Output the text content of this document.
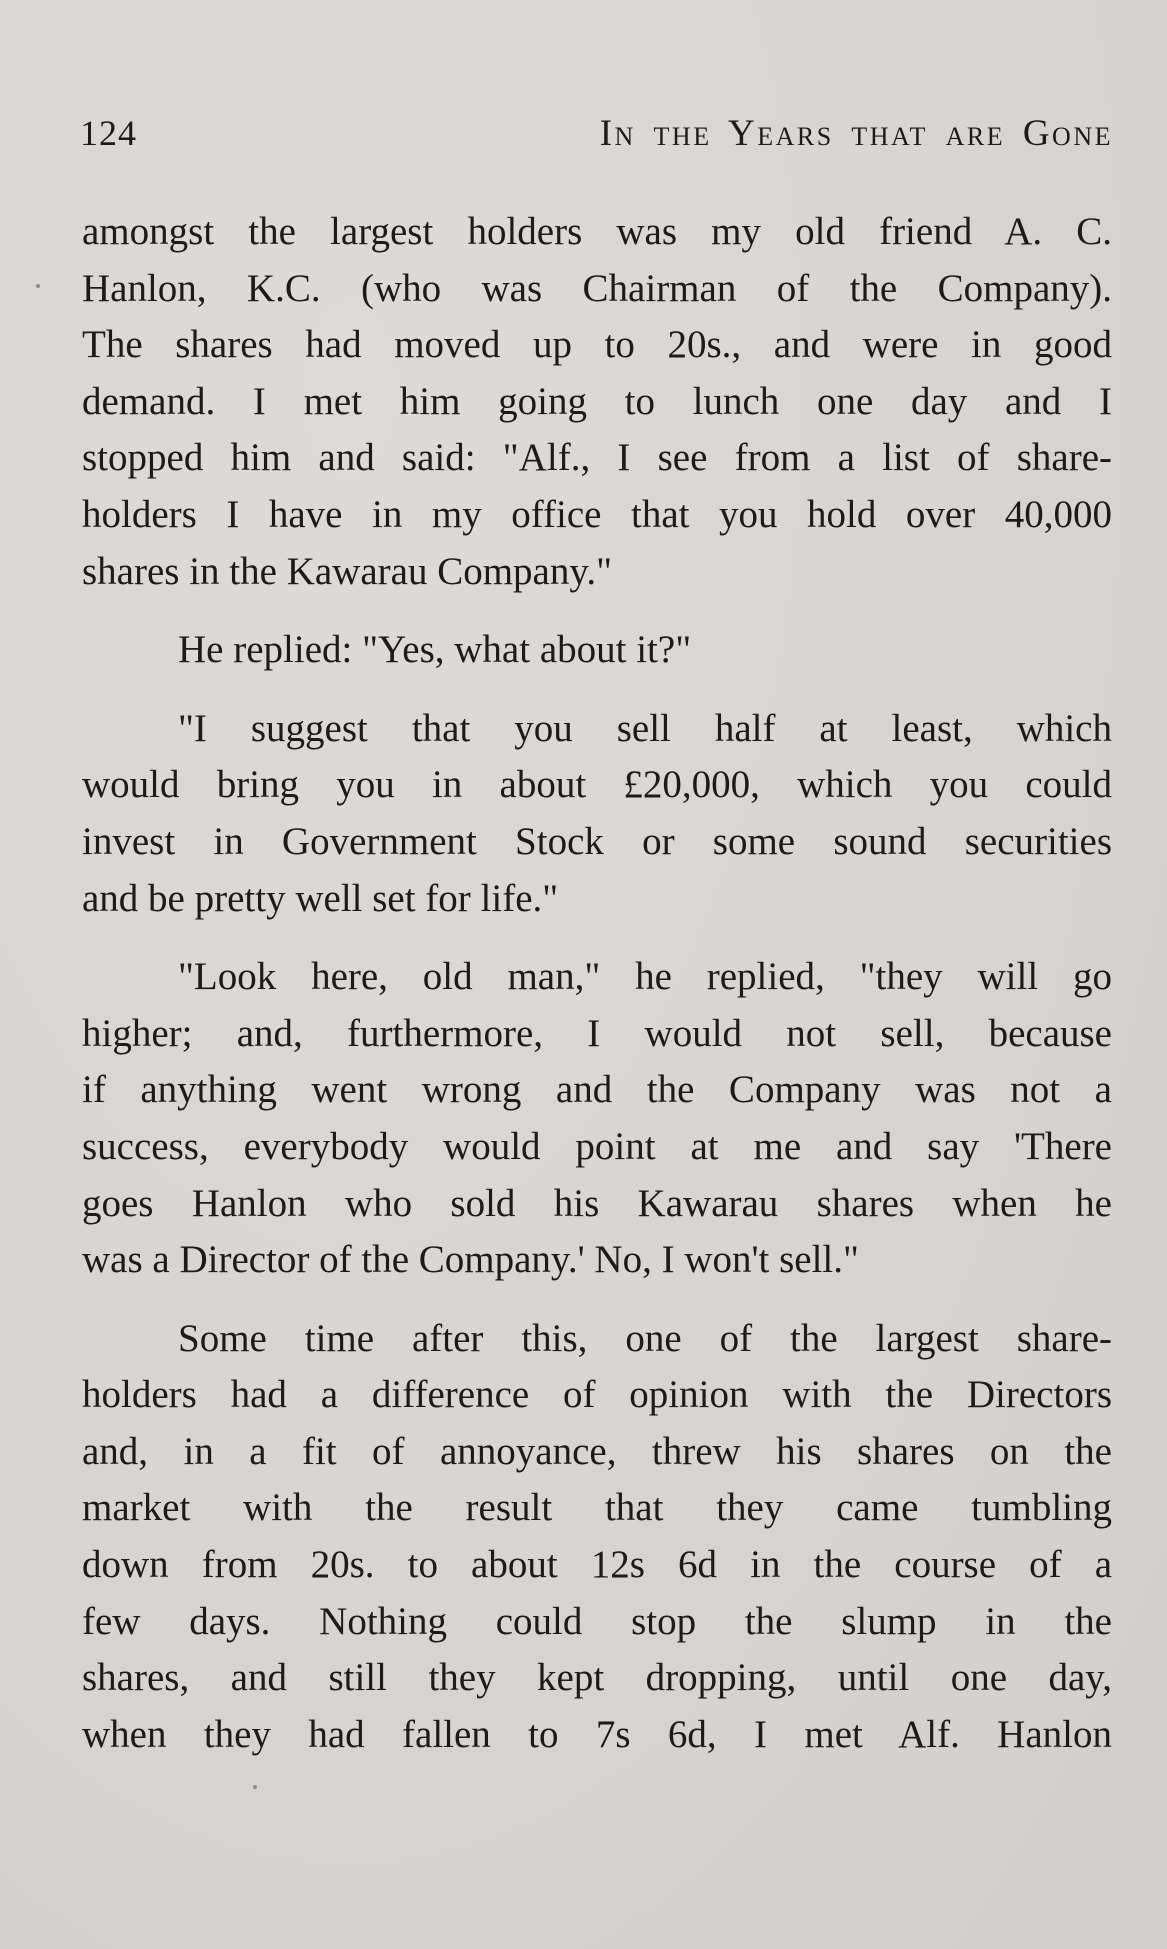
124	In the Years that are Gone
amongst the largest holders was my old friend A. C.
Hanlon, K.C. (who was Chairman of the Company).
The shares had moved up to 20s., and were in good
demand. I met him going to lunch one day and I
stopped him and said: "Alf., I see from a list of share-
holders I have in my office that you hold over 40,000
shares in the Kawarau Company."
He replied: "Yes, what about it?"
"I suggest that you sell half at least, which
would bring you in about £20,000, which you could
invest in Government Stock or some sound securities
and be pretty well set for life."
"Look here, old man," he replied, "they will go
higher; and, furthermore, I would not sell, because
if anything went wrong and the Company was not a
success, everybody would point at me and say 'There
goes Hanlon who sold his Kawarau shares when he
was a Director of the Company.' No, I won't sell."
Some time after this, one of the largest share-
holders had a difference of opinion with the Directors
and, in a fit of annoyance, threw his shares on the
market with the result that they came tumbling
down from 20s. to about 12s 6d in the course of a
few days. Nothing could stop the slump in the
shares, and still they kept dropping, until one day,
when they had fallen to 7s 6d, I met Alf. Hanlon
